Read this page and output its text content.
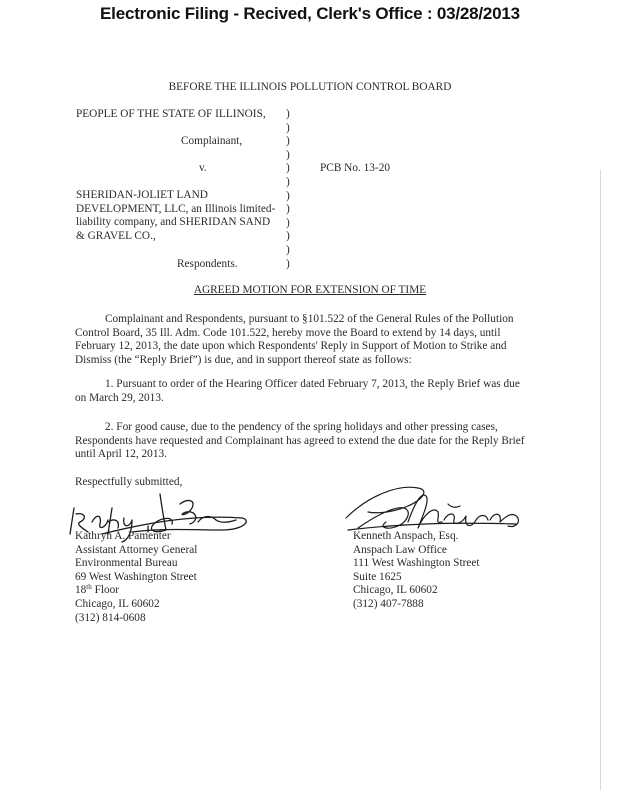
Electronic Filing - Recived, Clerk's Office : 03/28/2013
BEFORE THE ILLINOIS POLLUTION CONTROL BOARD
PEOPLE OF THE STATE OF ILLINOIS,
Complainant,
v.	PCB No. 13-20
SHERIDAN-JOLIET LAND
DEVELOPMENT, LLC, an Illinois limited-
liability company, and SHERIDAN SAND
& GRAVEL CO.,
Respondents.
)
)
)
)
)
)
)
)
)
)
)
)
AGREED MOTION FOR EXTENSION OF TIME
Complainant and Respondents, pursuant to §101.522 of the General Rules of the Pollution Control Board, 35 Ill. Adm. Code 101.522, hereby move the Board to extend by 14 days, until February 12, 2013, the date upon which Respondents' Reply in Support of Motion to Strike and Dismiss (the “Reply Brief”) is due, and in support thereof state as follows:
1. Pursuant to order of the Hearing Officer dated February 7, 2013, the Reply Brief was due on March 29, 2013.
2. For good cause, due to the pendency of the spring holidays and other pressing cases, Respondents have requested and Complainant has agreed to extend the due date for the Reply Brief until April 12, 2013.
Respectfully submitted,
Kathryn A. Pamenter
Assistant Attorney General
Environmental Bureau
69 West Washington Street
18th Floor
Chicago, IL 60602
(312) 814-0608
Kenneth Anspach, Esq.
Anspach Law Office
111 West Washington Street
Suite 1625
Chicago, IL 60602
(312) 407-7888
